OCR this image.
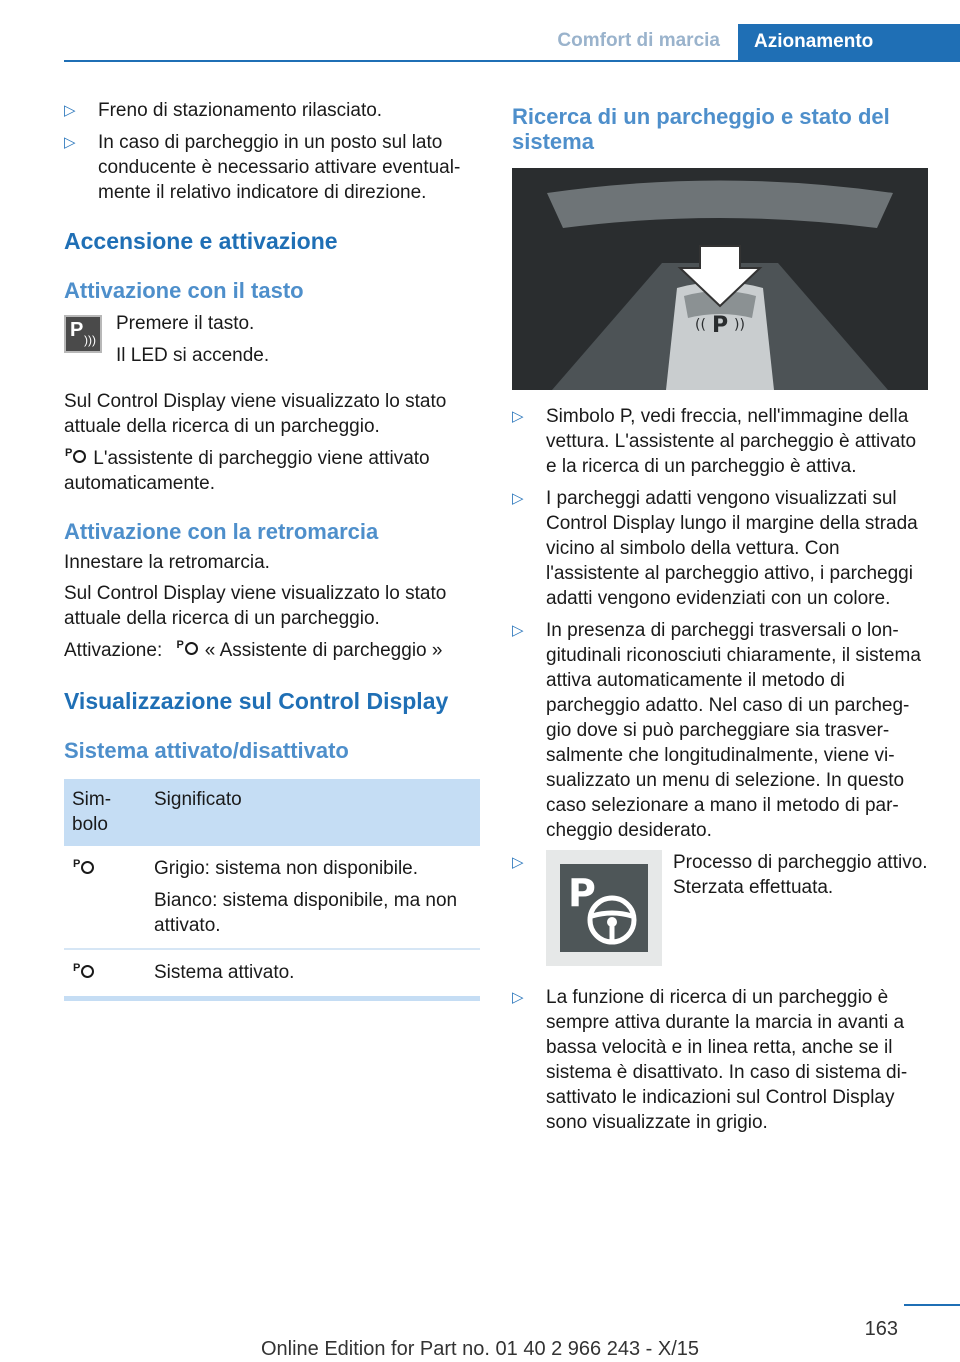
Comfort di marcia	Azionamento
▷ Freno di stazionamento rilasciato.
▷ In caso di parcheggio in un posto sul lato conducente è necessario attivare eventualmente il relativo indicatore di direzione.
Accensione e attivazione
Attivazione con il tasto
P )))

Premere il tasto.

Il LED si accende.

Sul Control Display viene visualizzato lo stato attuale della ricerca di un parcheggio.

P L'assistente di parcheggio viene attivato automaticamente.

Attivazione con la retromarcia

Innestare la retromarcia.

Sul Control Display viene visualizzato lo stato attuale della ricerca di un parcheggio.

Attivazione: P « Assistente di parcheggio »

Visualizzazione sul Control Display
Sistema attivato/disattivato
Simbolo	Significato

P	Grigio: sistema non disponibile.

Bianco: sistema disponibile, ma non attivato.

P	Sistema attivato.

Ricerca di un parcheggio e stato del sistema
P
(( ))
▷ Simbolo P, vedi freccia, nell'immagine della vettura. L'assistente al parcheggio è attivato e la ricerca di un parcheggio è attiva.
▷ I parcheggi adatti vengono visualizzati sul Control Display lungo il margine della strada vicino al simbolo della vettura. Con l'assistente al parcheggio attivo, i parcheggi adatti vengono evidenziati con un colore.
▷ In presenza di parcheggi trasversali o longitudinali riconosciuti chiaramente, il sistema attiva automaticamente il metodo di parcheggio adatto. Nel caso di un parcheggio dove si può parcheggiare sia trasversalmente che longitudinalmente, viene visualizzato un menu di selezione. In questo caso selezionare a mano il metodo di parcheggio desiderato.
▷
P
Processo di parcheggio attivo. Sterzata effettuata.
▷ La funzione di ricerca di un parcheggio è sempre attiva durante la marcia in avanti a bassa velocità e in linea retta, anche se il sistema è disattivato. In caso di sistema disattivato le indicazioni sul Control Display sono visualizzate in grigio.
163
Online Edition for Part no. 01 40 2 966 243 - X/15
